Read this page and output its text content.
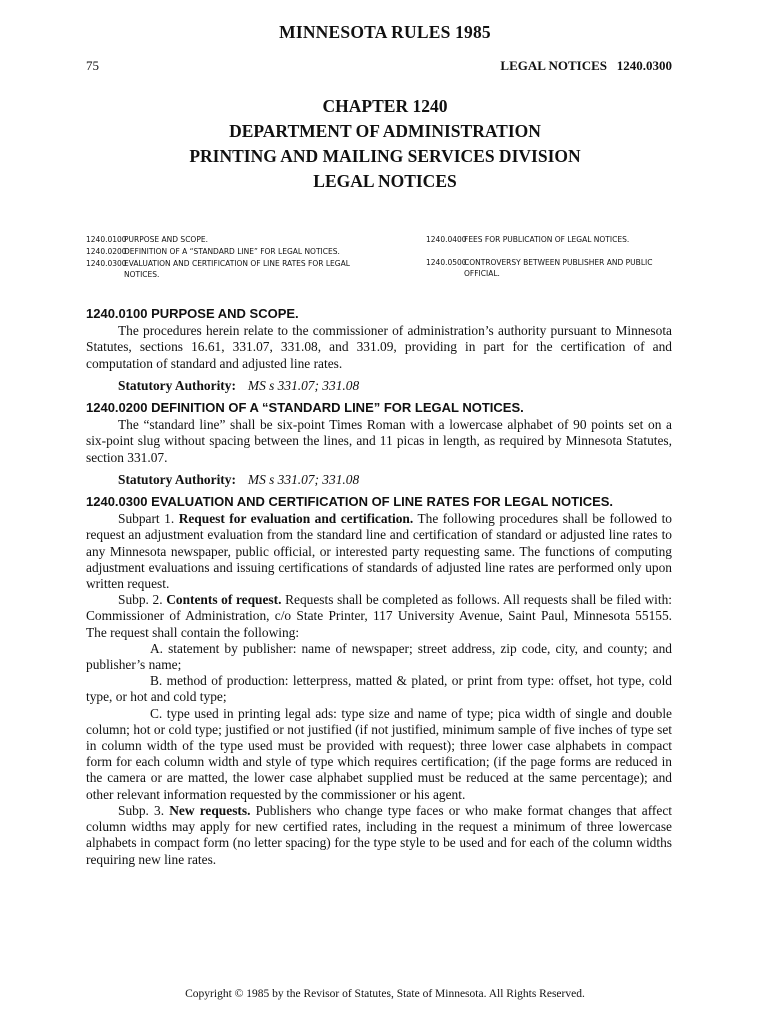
MINNESOTA RULES 1985
75	LEGAL NOTICES   1240.0300
CHAPTER 1240
DEPARTMENT OF ADMINISTRATION
PRINTING AND MAILING SERVICES DIVISION
LEGAL NOTICES
1240.0100
PURPOSE AND SCOPE.
1240.0200
DEFINITION OF A “STANDARD LINE” FOR LEGAL NOTICES.
1240.0300
EVALUATION AND CERTIFICATION OF LINE RATES FOR LEGAL NOTICES.
1240.0400
FEES FOR PUBLICATION OF LEGAL NOTICES.
1240.0500
CONTROVERSY BETWEEN PUBLISHER AND PUBLIC OFFICIAL.
1240.0100 PURPOSE AND SCOPE.

The procedures herein relate to the commissioner of administration’s authority pursuant to Minnesota Statutes, sections 16.61, 331.07, 331.08, and 331.09, providing in part for the certification of and computation of standard and adjusted line rates.

Statutory Authority: MS s 331.07; 331.08
1240.0200 DEFINITION OF A “STANDARD LINE” FOR LEGAL NOTICES.

The “standard line” shall be six-point Times Roman with a lowercase alphabet of 90 points set on a six-point slug without spacing between the lines, and 11 picas in length, as required by Minnesota Statutes, section 331.07.

Statutory Authority: MS s 331.07; 331.08
1240.0300 EVALUATION AND CERTIFICATION OF LINE RATES FOR LEGAL NOTICES.

Subpart 1. Request for evaluation and certification. The following procedures shall be followed to request an adjustment evaluation from the standard line and certification of standard or adjusted line rates to any Minnesota newspaper, public official, or interested party requesting same. The functions of computing adjustment evaluations and issuing certifications of standards of adjusted line rates are performed only upon written request.

Subp. 2. Contents of request. Requests shall be completed as follows. All requests shall be filed with: Commissioner of Administration, c/o State Printer, 117 University Avenue, Saint Paul, Minnesota 55155. The request shall contain the following:

A. statement by publisher: name of newspaper; street address, zip code, city, and county; and publisher’s name;

B. method of production: letterpress, matted & plated, or print from type: offset, hot type, cold type, or hot and cold type;

C. type used in printing legal ads: type size and name of type; pica width of single and double column; hot or cold type; justified or not justified (if not justified, minimum sample of five inches of type set in column width of the type used must be provided with request); three lower case alphabets in compact form for each column width and style of type which requires certification; (if the page forms are reduced in the camera or are matted, the lower case alphabet supplied must be reduced at the same percentage); and other relevant information requested by the commissioner or his agent.

Subp. 3. New requests. Publishers who change type faces or who make format changes that affect column widths may apply for new certified rates, including in the request a minimum of three lowercase alphabets in compact form (no letter spacing) for the type style to be used and for each of the column widths requiring new line rates.

Copyright © 1985 by the Revisor of Statutes, State of Minnesota. All Rights Reserved.
